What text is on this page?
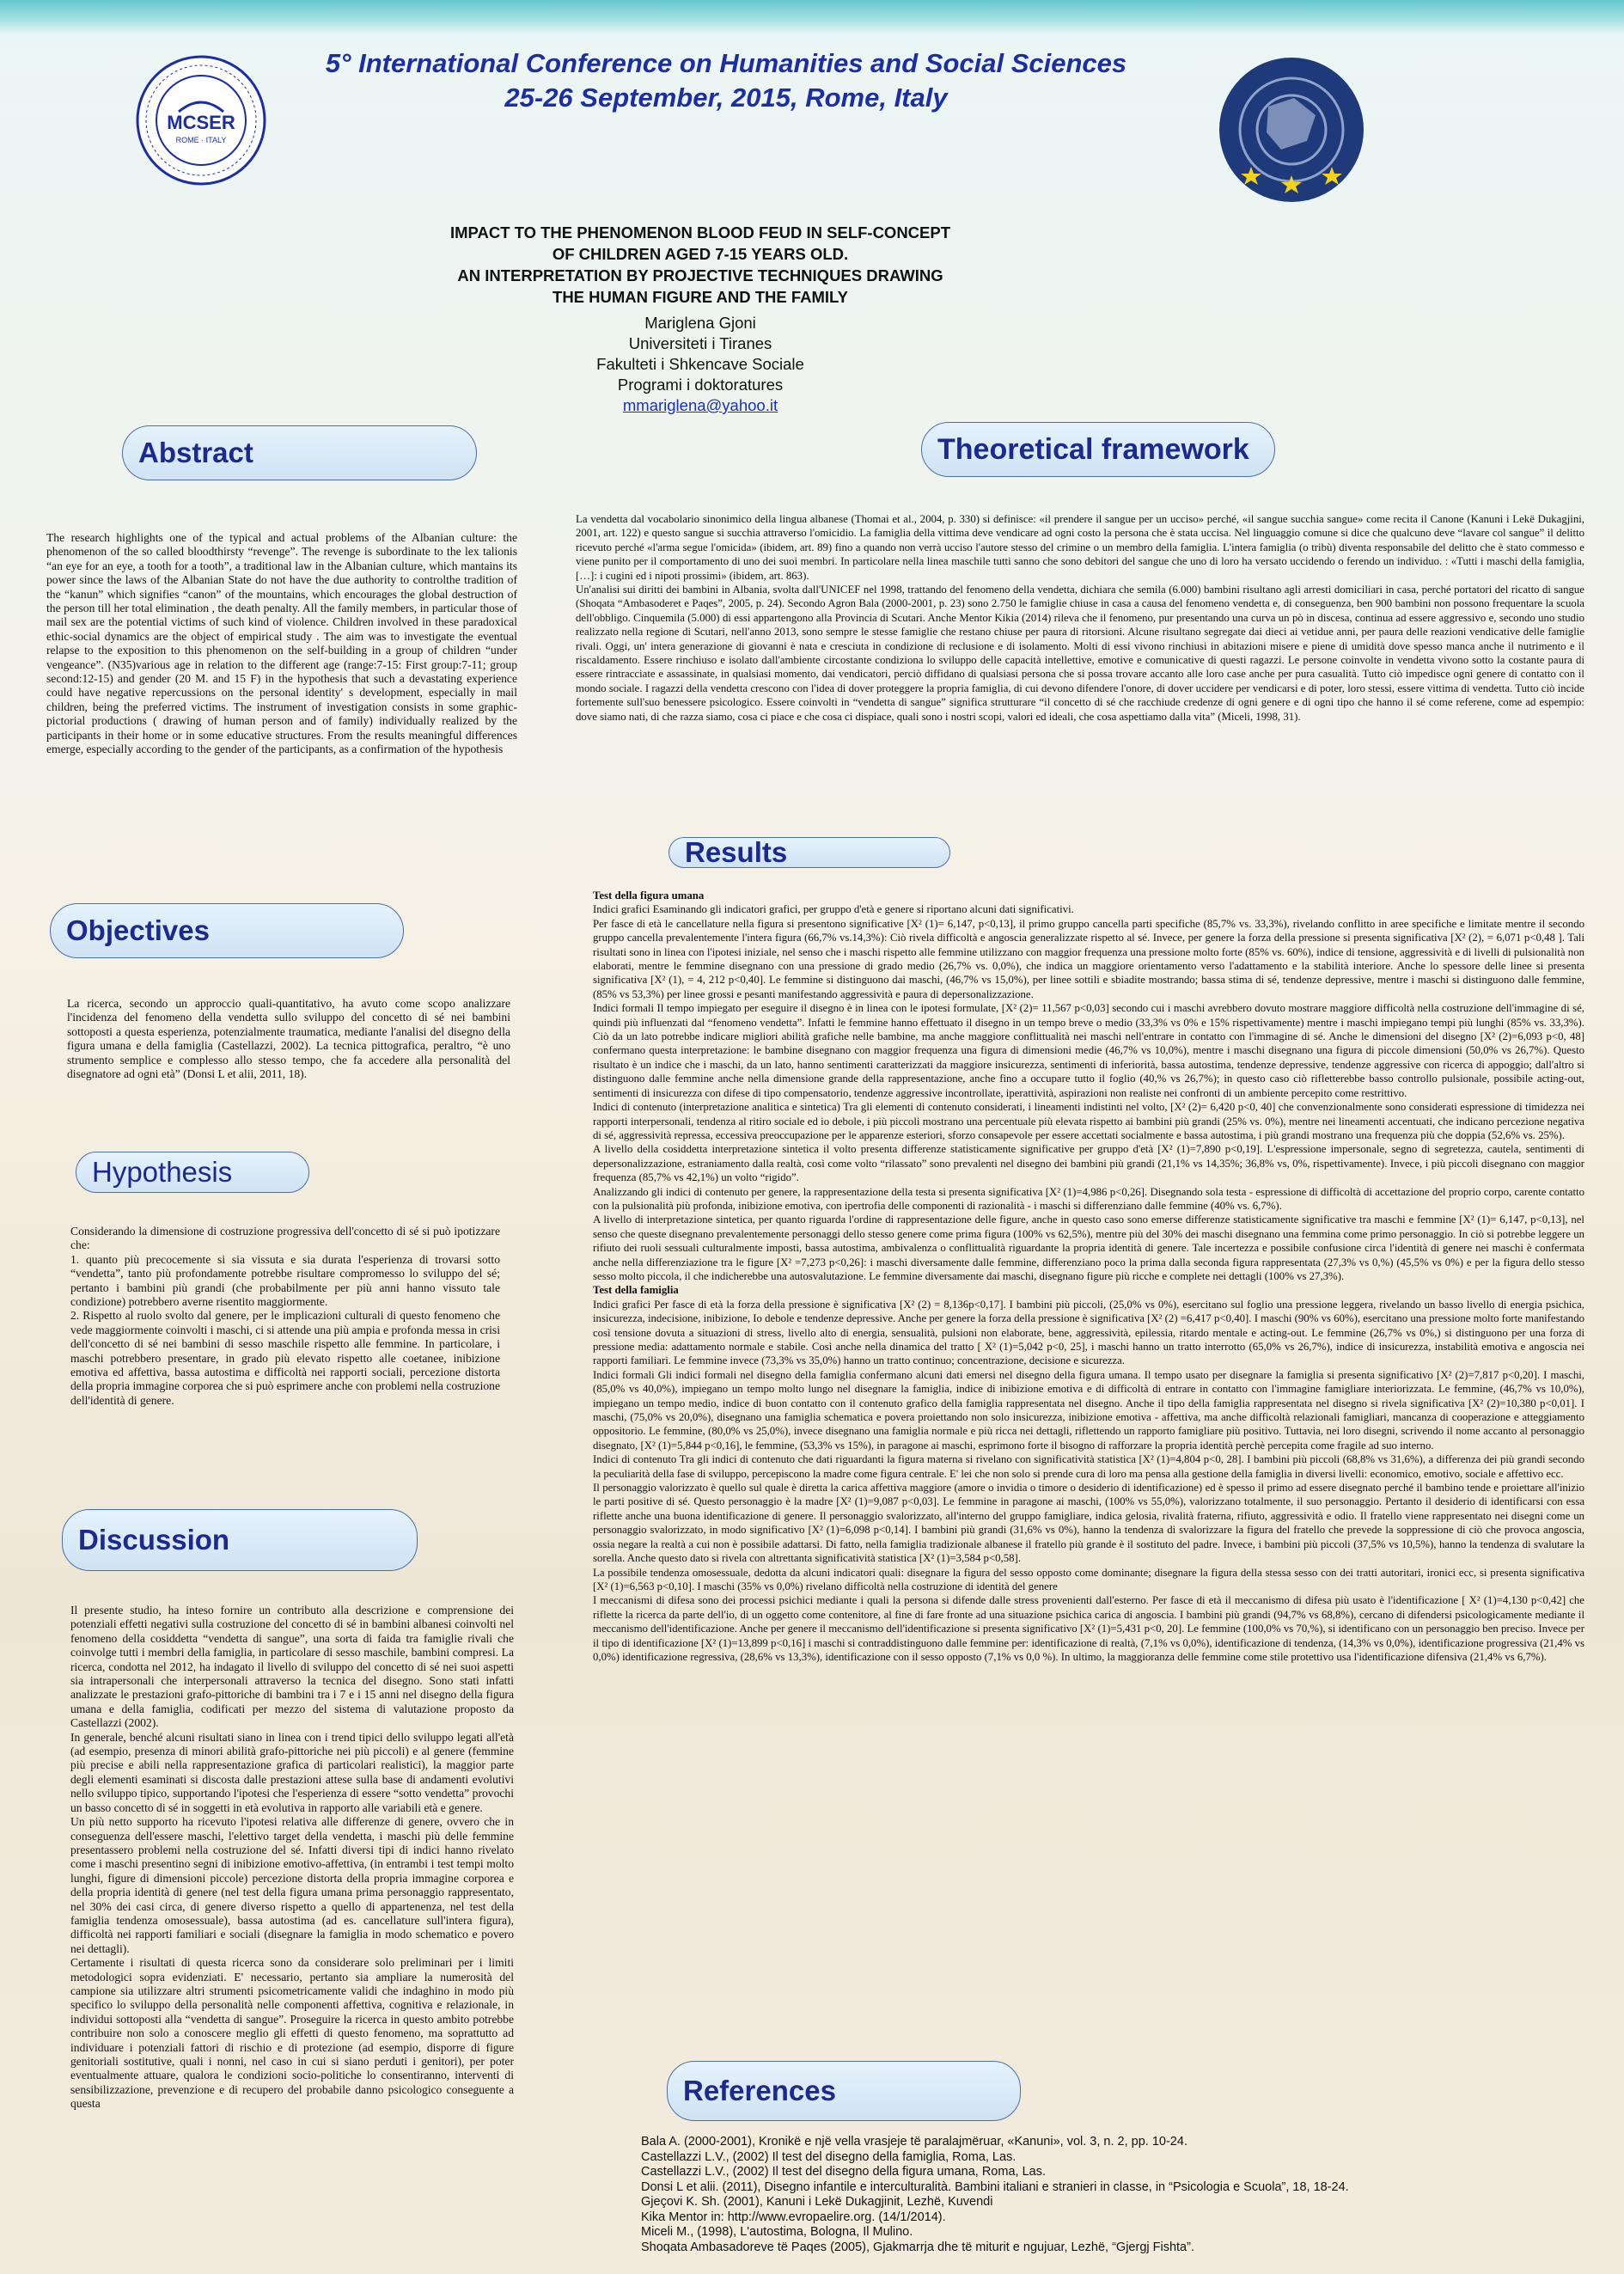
MCSER
ROME · ITALY
5° International Conference on Humanities and Social Sciences
25-26 September, 2015, Rome, Italy
IMPACT TO THE PHENOMENON BLOOD FEUD IN SELF-CONCEPT
OF CHILDREN AGED 7-15 YEARS OLD.
AN INTERPRETATION BY PROJECTIVE TECHNIQUES DRAWING
THE HUMAN FIGURE AND THE FAMILY
Mariglena Gjoni
Universiteti i Tiranes
Fakulteti i Shkencave Sociale
Programi i doktoratures
mmariglena@yahoo.it
Abstract	Theoretical framework
Objectives
Results
Hypothesis
Discussion
References

The research highlights one of the typical and actual problems of the Albanian culture: the phenomenon of the so called bloodthirsty “revenge”. The revenge is subordinate to the lex talionis “an eye for an eye, a tooth for a tooth”, a traditional law in the Albanian culture, which mantains its power since the laws of the Albanian State do not have the due authority to controlthe tradition of the “kanun” which signifies “canon” of the mountains, which encourages the global destruction of the person till her total elimination , the death penalty. All the family members, in particular those of mail sex are the potential victims of such kind of violence. Children involved in these paradoxical ethic-social dynamics are the object of empirical study . The aim was to investigate the eventual relapse to the exposition to this phenomenon on the self-building in a group of children “under vengeance”. (N35)various age in relation to the different age (range:7-15: First group:7-11; group second:12-15) and gender (20 M. and 15 F) in the hypothesis that such a devastating experience could have negative repercussions on the personal identity' s development, especially in mail children, being the preferred victims. The instrument of investigation consists in some graphic- pictorial productions ( drawing of human person and of family) individually realized by the participants in their home or in some educative structures. From the results meaningful differences emerge, especially according to the gender of the participants, as a confirmation of the hypothesis

La ricerca, secondo un approccio quali-quantitativo, ha avuto come scopo analizzare l'incidenza del fenomeno della vendetta sullo sviluppo del concetto di sé nei bambini sottoposti a questa esperienza, potenzialmente traumatica, mediante l'analisi del disegno della figura umana e della famiglia (Castellazzi, 2002). La tecnica pittografica, peraltro, “è uno strumento semplice e complesso allo stesso tempo, che fa accedere alla personalità del disegnatore ad ogni età” (Donsi L et alii, 2011, 18).

Considerando la dimensione di costruzione progressiva dell'concetto di sé si può ipotizzare che:

1. quanto più precocemente si sia vissuta e sia durata l'esperienza di trovarsi sotto “vendetta”, tanto più profondamente potrebbe risultare compromesso lo sviluppo del sé; pertanto i bambini più grandi (che probabilmente per più anni hanno vissuto tale condizione) potrebbero averne risentito maggiormente.

2. Rispetto al ruolo svolto dal genere, per le implicazioni culturali di questo fenomeno che vede maggiormente coinvolti i maschi, ci si attende una più ampia e profonda messa in crisi dell'concetto di sé nei bambini di sesso maschile rispetto alle femmine. In particolare, i maschi potrebbero presentare, in grado più elevato rispetto alle coetanee, inibizione emotiva ed affettiva, bassa autostima e difficoltà nei rapporti sociali, percezione distorta della propria immagine corporea che si può esprimere anche con problemi nella costruzione dell'identità di genere.

Il presente studio, ha inteso fornire un contributo alla descrizione e comprensione dei potenziali effetti negativi sulla costruzione del concetto di sé in bambini albanesi coinvolti nel fenomeno della cosiddetta “vendetta di sangue”, una sorta di faida tra famiglie rivali che coinvolge tutti i membri della famiglia, in particolare di sesso maschile, bambini compresi. La ricerca, condotta nel 2012, ha indagato il livello di sviluppo del concetto di sé nei suoi aspetti sia intrapersonali che interpersonali attraverso la tecnica del disegno. Sono stati infatti analizzate le prestazioni grafo-pittoriche di bambini tra i 7 e i 15 anni nel disegno della figura umana e della famiglia, codificati per mezzo del sistema di valutazione proposto da Castellazzi (2002).

In generale, benché alcuni risultati siano in linea con i trend tipici dello sviluppo legati all'età (ad esempio, presenza di minori abilità grafo-pittoriche nei più piccoli) e al genere (femmine più precise e abili nella rappresentazione grafica di particolari realistici), la maggior parte degli elementi esaminati si discosta dalle prestazioni attese sulla base di andamenti evolutivi nello sviluppo tipico, supportando l'ipotesi che l'esperienza di essere “sotto vendetta” provochi un basso concetto di sé in soggetti in età evolutiva in rapporto alle variabili età e genere.

Un più netto supporto ha ricevuto l'ipotesi relativa alle differenze di genere, ovvero che in conseguenza dell'essere maschi, l'elettivo target della vendetta, i maschi più delle femmine presentassero problemi nella costruzione del sé. Infatti diversi tipi di indici hanno rivelato come i maschi presentino segni di inibizione emotivo-affettiva, (in entrambi i test tempi molto lunghi, figure di dimensioni piccole) percezione distorta della propria immagine corporea e della propria identità di genere (nel test della figura umana prima personaggio rappresentato, nel 30% dei casi circa, di genere diverso rispetto a quello di appartenenza, nel test della famiglia tendenza omosessuale), bassa autostima (ad es. cancellature sull'intera figura), difficoltà nei rapporti familiari e sociali (disegnare la famiglia in modo schematico e povero nei dettagli).

Certamente i risultati di questa ricerca sono da considerare solo preliminari per i limiti metodologici sopra evidenziati. E' necessario, pertanto sia ampliare la numerosità del campione sia utilizzare altri strumenti psicometricamente validi che indaghino in modo più specifico lo sviluppo della personalità nelle componenti affettiva, cognitiva e relazionale, in individui sottoposti alla “vendetta di sangue”. Proseguire la ricerca in questo ambito potrebbe contribuire non solo a conoscere meglio gli effetti di questo fenomeno, ma soprattutto ad individuare i potenziali fattori di rischio e di protezione (ad esempio, disporre di figure genitoriali sostitutive, quali i nonni, nel caso in cui si siano perduti i genitori), per poter eventualmente attuare, qualora le condizioni socio-politiche lo consentiranno, interventi di sensibilizzazione, prevenzione e di recupero del probabile danno psicologico conseguente a questa

La vendetta dal vocabolario sinonimico della lingua albanese (Thomai et al., 2004, p. 330) si definisce: «il prendere il sangue per un ucciso» perché, «il sangue succhia sangue» come recita il Canone (Kanuni i Lekë Dukagjini, 2001, art. 122) e questo sangue si succhia attraverso l'omicidio. La famiglia della vittima deve vendicare ad ogni costo la persona che è stata uccisa. Nel linguaggio comune si dice che qualcuno deve “lavare col sangue” il delitto ricevuto perché «l'arma segue l'omicida» (ibidem, art. 89) fino a quando non verrà ucciso l'autore stesso del crimine o un membro della famiglia. L'intera famiglia (o tribù) diventa responsabile del delitto che è stato commesso e viene punito per il comportamento di uno dei suoi membri. In particolare nella linea maschile tutti sanno che sono debitori del sangue che uno di loro ha versato uccidendo o ferendo un individuo. : «Tutti i maschi della famiglia, […]: i cugini ed i nipoti prossimi» (ibidem, art. 863).

Un'analisi sui diritti dei bambini in Albania, svolta dall'UNICEF nel 1998, trattando del fenomeno della vendetta, dichiara che semila (6.000) bambini risultano agli arresti domiciliari in casa, perché portatori del ricatto di sangue (Shoqata “Ambasoderet e Paqes”, 2005, p. 24). Secondo Agron Bala (2000-2001, p. 23) sono 2.750 le famiglie chiuse in casa a causa del fenomeno vendetta e, di conseguenza, ben 900 bambini non possono frequentare la scuola dell'obbligo. Cinquemila (5.000) di essi appartengono alla Provincia di Scutari. Anche Mentor Kikia (2014) rileva che il fenomeno, pur presentando una curva un pò in discesa, continua ad essere aggressivo e, secondo uno studio realizzato nella regione di Scutari, nell'anno 2013, sono sempre le stesse famiglie che restano chiuse per paura di ritorsioni. Alcune risultano segregate dai dieci ai vetidue anni, per paura delle reazioni vendicative delle famiglie rivali. Oggi, un' intera generazione di giovanni è nata e cresciuta in condizione di reclusione e di isolamento. Molti di essi vivono rinchiusi in abitazioni misere e piene di umidità dove spesso manca anche il nutrimento e il riscaldamento. Essere rinchiuso e isolato dall'ambiente circostante condiziona lo sviluppo delle capacità intellettive, emotive e comunicative di questi ragazzi. Le persone coinvolte in vendetta vivono sotto la costante paura di essere rintracciate e assassinate, in qualsiasi momento, dai vendicatori, perciò diffidano di qualsiasi persona che si possa trovare accanto alle loro case anche per pura casualità. Tutto ciò impedisce ogni genere di contatto con il mondo sociale. I ragazzi della vendetta crescono con l'idea di dover proteggere la propria famiglia, di cui devono difendere l'onore, di dover uccidere per vendicarsi e di poter, loro stessi, essere vittima di vendetta. Tutto ciò incide fortemente sull'suo benessere psicologico. Essere coinvolti in “vendetta di sangue” significa strutturare “il concetto di sé che racchiude credenze di ogni genere e di ogni tipo che hanno il sé come referene, come ad espempio: dove siamo nati, di che razza siamo, cosa ci piace e che cosa ci dispiace, quali sono i nostri scopi, valori ed ideali, che cosa aspettiamo dalla vita” (Miceli, 1998, 31).

Test della figura umana

Indici grafici Esaminando gli indicatori grafici, per gruppo d'età e genere si riportano alcuni dati significativi.

Per fasce di età le cancellature nella figura si presentono significative [X² (1)= 6,147, p<0,13], il primo gruppo cancella parti specifiche (85,7% vs. 33,3%), rivelando conflitto in aree specifiche e limitate mentre il secondo gruppo cancella prevalentemente l'intera figura (66,7% vs.14,3%): Ciò rivela difficoltà e angoscia generalizzate rispetto al sé. Invece, per genere la forza della pressione si presenta significativa [X² (2), = 6,071 p<0,48 ]. Tali risultati sono in linea con l'ipotesi iniziale, nel senso che i maschi rispetto alle femmine utilizzano con maggior frequenza una pressione molto forte (85% vs. 60%), indice di tensione, aggressività e di livelli di pulsionalità non elaborati, mentre le femmine disegnano con una pressione di grado medio (26,7% vs. 0,0%), che indica un maggiore orientamento verso l'adattamento e la stabilità interiore. Anche lo spessore delle linee si presenta significativa [X² (1), = 4, 212 p<0,40]. Le femmine si distinguono dai maschi, (46,7% vs 15,0%), per linee sottili e sbiadite mostrando; bassa stima di sé, tendenze depressive, mentre i maschi si distinguono dalle femmine, (85% vs 53,3%) per linee grossi e pesanti manifestando aggressività e paura di depersonalizzazione.

Indici formali Il tempo impiegato per eseguire il disegno è in linea con le ipotesi formulate, [X² (2)= 11,567 p<0,03] secondo cui i maschi avrebbero dovuto mostrare maggiore difficoltà nella costruzione dell'immagine di sé, quindi più influenzati dal “fenomeno vendetta”. Infatti le femmine hanno effettuato il disegno in un tempo breve o medio (33,3% vs 0% e 15% rispettivamente) mentre i maschi impiegano tempi più lunghi (85% vs. 33,3%). Ciò da un lato potrebbe indicare migliori abilità grafiche nelle bambine, ma anche maggiore conflittualità nei maschi nell'entrare in contatto con l'immagine di sé. Anche le dimensioni del disegno [X² (2)=6,093 p<0, 48] confermano questa interpretazione: le bambine disegnano con maggior frequenza una figura di dimensioni medie (46,7% vs 10,0%), mentre i maschi disegnano una figura di piccole dimensioni (50,0% vs 26,7%). Questo risultato è un indice che i maschi, da un lato, hanno sentimenti caratterizzati da maggiore insicurezza, sentimenti di inferiorità, bassa autostima, tendenze depressive, tendenze aggressive con ricerca di appoggio; dall'altro si distinguono dalle femmine anche nella dimensione grande della rappresentazione, anche fino a occupare tutto il foglio (40,% vs 26,7%); in questo caso ciò rifletterebbe basso controllo pulsionale, possibile acting-out, sentimenti di insicurezza con difese di tipo compensatorio, tendenze aggressive incontrollate, iperattività, aspirazioni non realiste nei confronti di un ambiente percepito come restrittivo.

Indici di contenuto (interpretazione analitica e sintetica) Tra gli elementi di contenuto considerati, i lineamenti indistinti nel volto, [X² (2)= 6,420 p<0, 40] che convenzionalmente sono considerati espressione di timidezza nei rapporti interpersonali, tendenza al ritiro sociale ed io debole, i più piccoli mostrano una percentuale più elevata rispetto ai bambini più grandi (25% vs. 0%), mentre nei lineamenti accentuati, che indicano percezione negativa di sé, aggressività repressa, eccessiva preoccupazione per le apparenze esteriori, sforzo consapevole per essere accettati socialmente e bassa autostima, i più grandi mostrano una frequenza più che doppia (52,6% vs. 25%).

A livello della cosiddetta interpretazione sintetica il volto presenta differenze statisticamente significative per gruppo d'età [X² (1)=7,890 p<0,19]. L'espressione impersonale, segno di segretezza, cautela, sentimenti di depersonalizzazione, estraniamento dalla realtà, così come volto “rilassato” sono prevalenti nel disegno dei bambini più grandi (21,1% vs 14,35%; 36,8% vs, 0%, rispettivamente). Invece, i più piccoli disegnano con maggior frequenza (85,7% vs 42,1%) un volto “rigido”.

Analizzando gli indici di contenuto per genere, la rappresentazione della testa si presenta significativa [X² (1)=4,986 p<0,26]. Disegnando sola testa - espressione di difficoltà di accettazione del proprio corpo, carente contatto con la pulsionalità più profonda, inibizione emotiva, con ipertrofia delle componenti di razionalità - i maschi si differenziano dalle femmine (40% vs. 6,7%).

A livello di interpretazione sintetica, per quanto riguarda l'ordine di rappresentazione delle figure, anche in questo caso sono emerse differenze statisticamente significative tra maschi e femmine [X² (1)= 6,147, p<0,13], nel senso che queste disegnano prevalentemente personaggi dello stesso genere come prima figura (100% vs 62,5%), mentre più del 30% dei maschi disegnano una femmina come primo personaggio. In ciò si potrebbe leggere un rifiuto dei ruoli sessuali culturalmente imposti, bassa autostima, ambivalenza o conflittualità riguardante la propria identità di genere. Tale incertezza e possibile confusione circa l'identità di genere nei maschi è confermata anche nella differenziazione tra le figure [X² =7,273 p<0,26]: i maschi diversamente dalle femmine, differenziano poco la prima dalla seconda figura rappresentata (27,3% vs 0,%) (45,5% vs 0%) e per la figura dello stesso sesso molto piccola, il che indicherebbe una autosvalutazione. Le femmine diversamente dai maschi, disegnano figure più ricche e complete nei dettagli (100% vs 27,3%).

Test della famiglia

Indici grafici Per fasce di età la forza della pressione è significativa [X² (2) = 8,136p<0,17]. I bambini più piccoli, (25,0% vs 0%), esercitano sul foglio una pressione leggera, rivelando un basso livello di energia psichica, insicurezza, indecisione, inibizione, Io debole e tendenze depressive. Anche per genere la forza della pressione è significativa [X² (2) =6,417 p<0,40]. I maschi (90% vs 60%), esercitano una pressione molto forte manifestando così tensione dovuta a situazioni di stress, livello alto di energia, sensualità, pulsioni non elaborate, bene, aggressività, epilessia, ritardo mentale e acting-out. Le femmine (26,7% vs 0%,) si distinguono per una forza di pressione media: adattamento normale e stabile. Così anche nella dinamica del tratto [ X² (1)=5,042 p<0, 25], i maschi hanno un tratto interrotto (65,0% vs 26,7%), indice di insicurezza, instabilità emotiva e angoscia nei rapporti familiari. Le femmine invece (73,3% vs 35,0%) hanno un tratto continuo; concentrazione, decisione e sicurezza.

Indici formali Gli indici formali nel disegno della famiglia confermano alcuni dati emersi nel disegno della figura umana. Il tempo usato per disegnare la famiglia si presenta significativo [X² (2)=7,817 p<0,20]. I maschi, (85,0% vs 40,0%), impiegano un tempo molto lungo nel disegnare la famiglia, indice di inibizione emotiva e di difficoltà di entrare in contatto con l'immagine famigliare interiorizzata. Le femmine, (46,7% vs 10,0%), impiegano un tempo medio, indice di buon contatto con il contenuto grafico della famiglia rappresentata nel disegno. Anche il tipo della famiglia rappresentata nel disegno si rivela significativa [X² (2)=10,380 p<0,01]. I maschi, (75,0% vs 20,0%), disegnano una famiglia schematica e povera proiettando non solo insicurezza, inibizione emotiva - affettiva, ma anche difficoltà relazionali famigliari, mancanza di cooperazione e atteggiamento oppositorio. Le femmine, (80,0% vs 25,0%), invece disegnano una famiglia normale e più ricca nei dettagli, riflettendo un rapporto famigliare più positivo. Tuttavia, nei loro disegni, scrivendo il nome accanto al personaggio disegnato, [X² (1)=5,844 p<0,16], le femmine, (53,3% vs 15%), in paragone ai maschi, esprimono forte il bisogno di rafforzare la propria identità perchè percepita come fragile ad suo interno.

Indici di contenuto Tra gli indici di contenuto che dati riguardanti la figura materna si rivelano con significatività statistica [X² (1)=4,804 p<0, 28]. I bambini più piccoli (68,8% vs 31,6%), a differenza dei più grandi secondo la peculiarità della fase di sviluppo, percepiscono la madre come figura centrale. E' lei che non solo si prende cura di loro ma pensa alla gestione della famiglia in diversi livelli: economico, emotivo, sociale e affettivo ecc.

Il personaggio valorizzato è quello sul quale è diretta la carica affettiva maggiore (amore o invidia o timore o desiderio di identificazione) ed è spesso il primo ad essere disegnato perché il bambino tende e proiettare all'inizio le parti positive di sé. Questo personaggio è la madre [X² (1)=9,087 p<0,03]. Le femmine in paragone ai maschi, (100% vs 55,0%), valorizzano totalmente, il suo personaggio. Pertanto il desiderio di identificarsi con essa riflette anche una buona identificazione di genere. Il personaggio svalorizzato, all'interno del gruppo famigliare, indica gelosia, rivalità fraterna, rifiuto, aggressività e odio. Il fratello viene rappresentato nei disegni come un personaggio svalorizzato, in modo significativo [X² (1)=6,098 p<0,14]. I bambini più grandi (31,6% vs 0%), hanno la tendenza di svalorizzare la figura del fratello che prevede la soppressione di ciò che provoca angoscia, ossia negare la realtà a cui non è possibile adattarsi. Di fatto, nella famiglia tradizionale albanese il fratello più grande è il sostituto del padre. Invece, i bambini più piccoli (37,5% vs 10,5%), hanno la tendenza di svalutare la sorella. Anche questo dato si rivela con altrettanta significatività statistica [X² (1)=3,584 p<0,58].

La possibile tendenza omosessuale, dedotta da alcuni indicatori quali: disegnare la figura del sesso opposto come dominante; disegnare la figura della stessa sesso con dei tratti autoritari, ironici ecc, si presenta significativa [X² (1)=6,563 p<0,10]. I maschi (35% vs 0,0%) rivelano difficoltà nella costruzione di identità del genere

I meccanismi di difesa sono dei processi psichici mediante i quali la persona si difende dalle stress provenienti dall'esterno. Per fasce di età il meccanismo di difesa più usato è l'identificazione [ X² (1)=4,130 p<0,42] che riflette la ricerca da parte dell'io, di un oggetto come contenitore, al fine di fare fronte ad una situazione psichica carica di angoscia. I bambini più grandi (94,7% vs 68,8%), cercano di difendersi psicologicamente mediante il meccanismo dell'identificazione. Anche per genere il meccanismo dell'identificazione si presenta significativo [X² (1)=5,431 p<0, 20]. Le femmine (100,0% vs 70,%), si identificano con un personaggio ben preciso. Invece per il tipo di identificazione [X² (1)=13,899 p<0,16] i maschi si contraddistinguono dalle femmine per: identificazione di realtà, (7,1% vs 0,0%), identificazione di tendenza, (14,3% vs 0,0%), identificazione progressiva (21,4% vs 0,0%) identificazione regressiva, (28,6% vs 13,3%), identificazione con il sesso opposto (7,1% vs 0,0 %). In ultimo, la maggioranza delle femmine come stile protettivo usa l'identificazione difensiva (21,4% vs 6,7%).

Bala A. (2000-2001), Kronikë e një vella vrasjeje të paralajmëruar, «Kanuni», vol. 3, n. 2, pp. 10-24.
Castellazzi L.V., (2002) Il test del disegno della famiglia, Roma, Las.
Castellazzi L.V., (2002) Il test del disegno della figura umana, Roma, Las.
Donsi L et alii. (2011), Disegno infantile e interculturalità. Bambini italiani e stranieri in classe, in “Psicologia e Scuola”, 18, 18-24.
Gjeçovi K. Sh. (2001), Kanuni i Lekë Dukagjinit, Lezhë, Kuvendi
Kika Mentor in: http://www.evropaelire.org. (14/1/2014).
Miceli M., (1998), L'autostima, Bologna, Il Mulino.
Shoqata Ambasadoreve të Paqes (2005), Gjakmarrja dhe të miturit e ngujuar, Lezhë, “Gjergj Fishta”.
